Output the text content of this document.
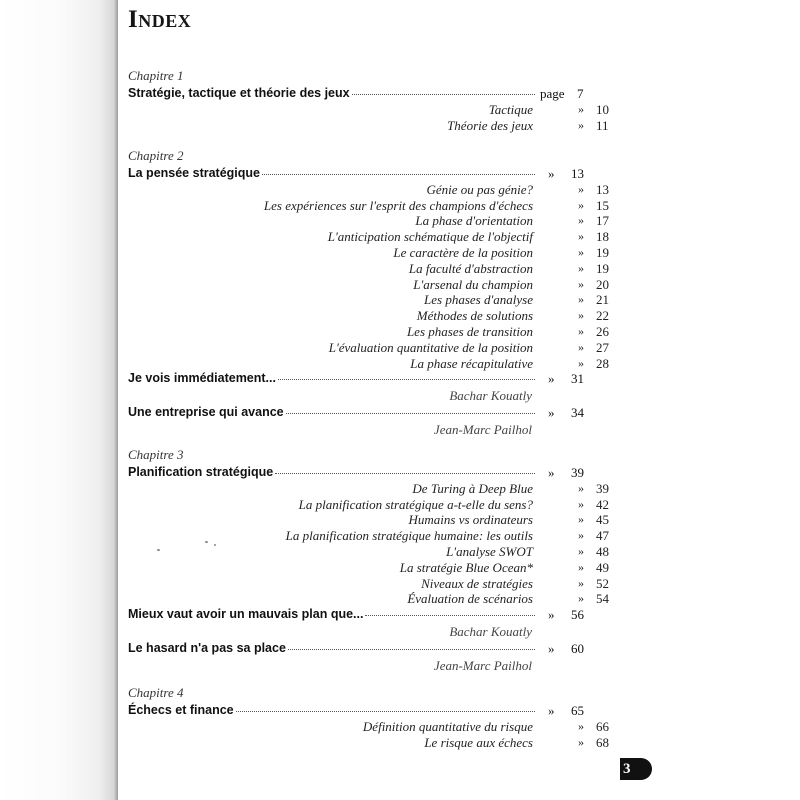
Index
Chapitre 1
Stratégie, tactique et théorie des jeux	page 7
Tactique	» 10
Théorie des jeux	» 11
Chapitre 2
La pensée stratégique	» 13
Génie ou pas génie?	» 13
Les expériences sur l'esprit des champions d'échecs	» 15
La phase d'orientation	» 17
L'anticipation schématique de l'objectif	» 18
Le caractère de la position	» 19
La faculté d'abstraction	» 19
L'arsenal du champion	» 20
Les phases d'analyse	» 21
Méthodes de solutions	» 22
Les phases de transition	» 26
L'évaluation quantitative de la position	» 27
La phase récapitulative	» 28
Je vois immédiatement...	» 31
Bachar Kouatly
Une entreprise qui avance	» 34
Jean-Marc Pailhol
Chapitre 3
Planification stratégique	» 39
De Turing à Deep Blue	» 39
La planification stratégique a-t-elle du sens?	» 42
Humains vs ordinateurs	» 45
La planification stratégique humaine: les outils	» 47
L'analyse SWOT	» 48
La stratégie Blue Ocean*	» 49
Niveaux de stratégies	» 52
Évaluation de scénarios	» 54
Mieux vaut avoir un mauvais plan que...	» 56
Bachar Kouatly
Le hasard n'a pas sa place	» 60
Jean-Marc Pailhol
Chapitre 4
Échecs et finance	» 65
Définition quantitative du risque	» 66
Le risque aux échecs	» 68
3
